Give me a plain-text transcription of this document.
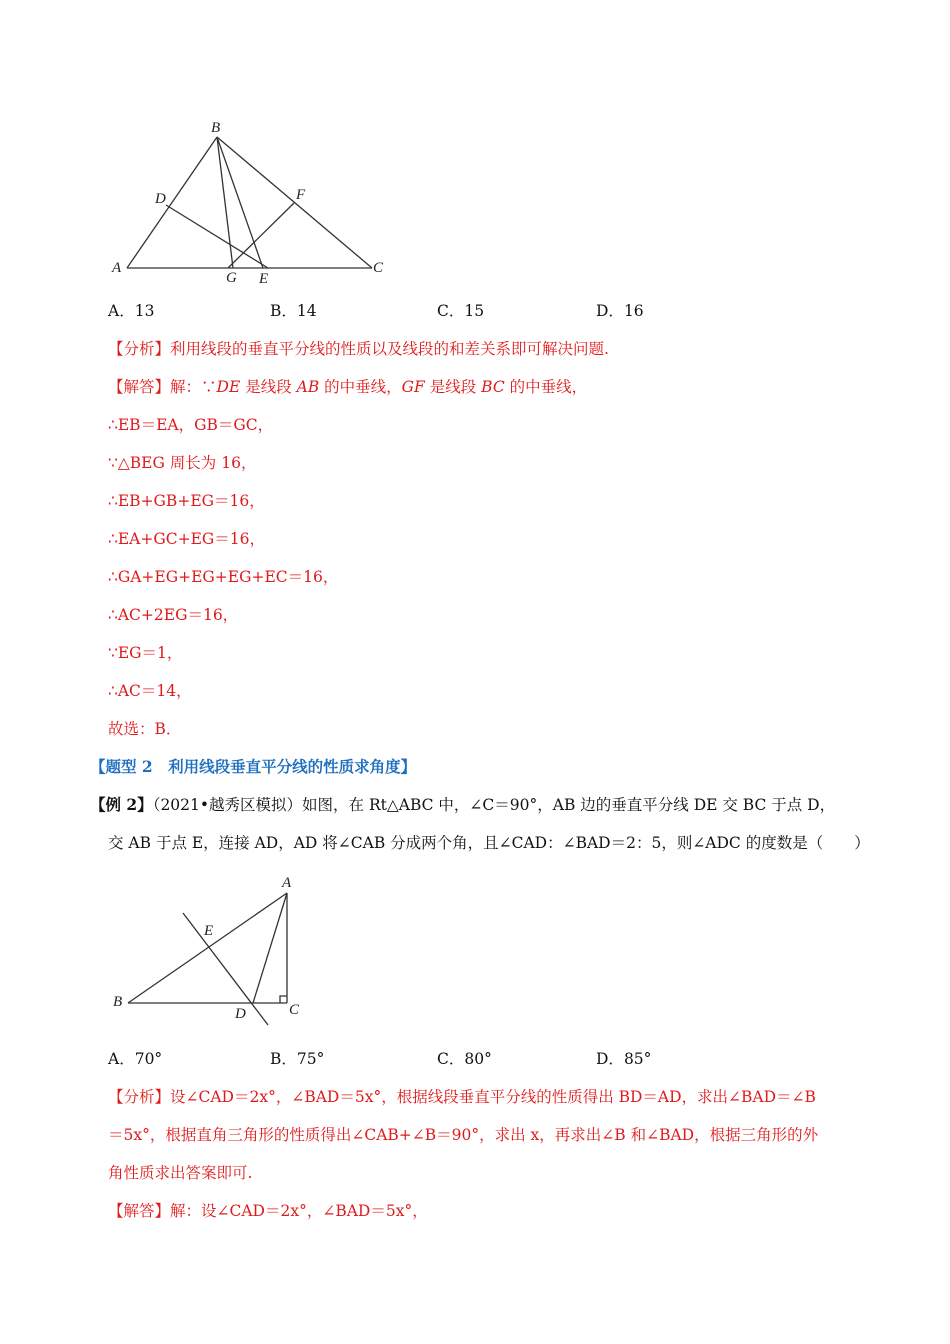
B
D	F
A
G E
C
A．13	B．14	C．15	D．16
【分析】利用线段的垂直平分线的性质以及线段的和差关系即可解决问题.
【解答】解：∵DE 是线段 AB 的中垂线，GF 是线段 BC 的中垂线，
∴EB＝EA，GB＝GC，
∵△BEG 周长为 16，
∴EB+GB+EG＝16，
∴EA+GC+EG＝16，
∴GA+EG+EG+EG+EC＝16，
∴AC+2EG＝16，
∵EG＝1，
∴AC＝14，
故选：B．
【题型 2　利用线段垂直平分线的性质求角度】
【例 2】（2021•越秀区模拟）如图，在 Rt△ABC 中，∠C＝90°，AB 边的垂直平分线 DE 交 BC 于点 D，
交 AB 于点 E，连接 AD，AD 将∠CAB 分成两个角，且∠CAD：∠BAD＝2：5，则∠ADC 的度数是（　　）
A
E
B
D	C
A．70°	B．75°	C．80°	D．85°
【分析】设∠CAD＝2x°，∠BAD＝5x°，根据线段垂直平分线的性质得出 BD＝AD，求出∠BAD＝∠B
＝5x°，根据直角三角形的性质得出∠CAB+∠B＝90°，求出 x，再求出∠B 和∠BAD，根据三角形的外
角性质求出答案即可.
【解答】解：设∠CAD＝2x°，∠BAD＝5x°，
